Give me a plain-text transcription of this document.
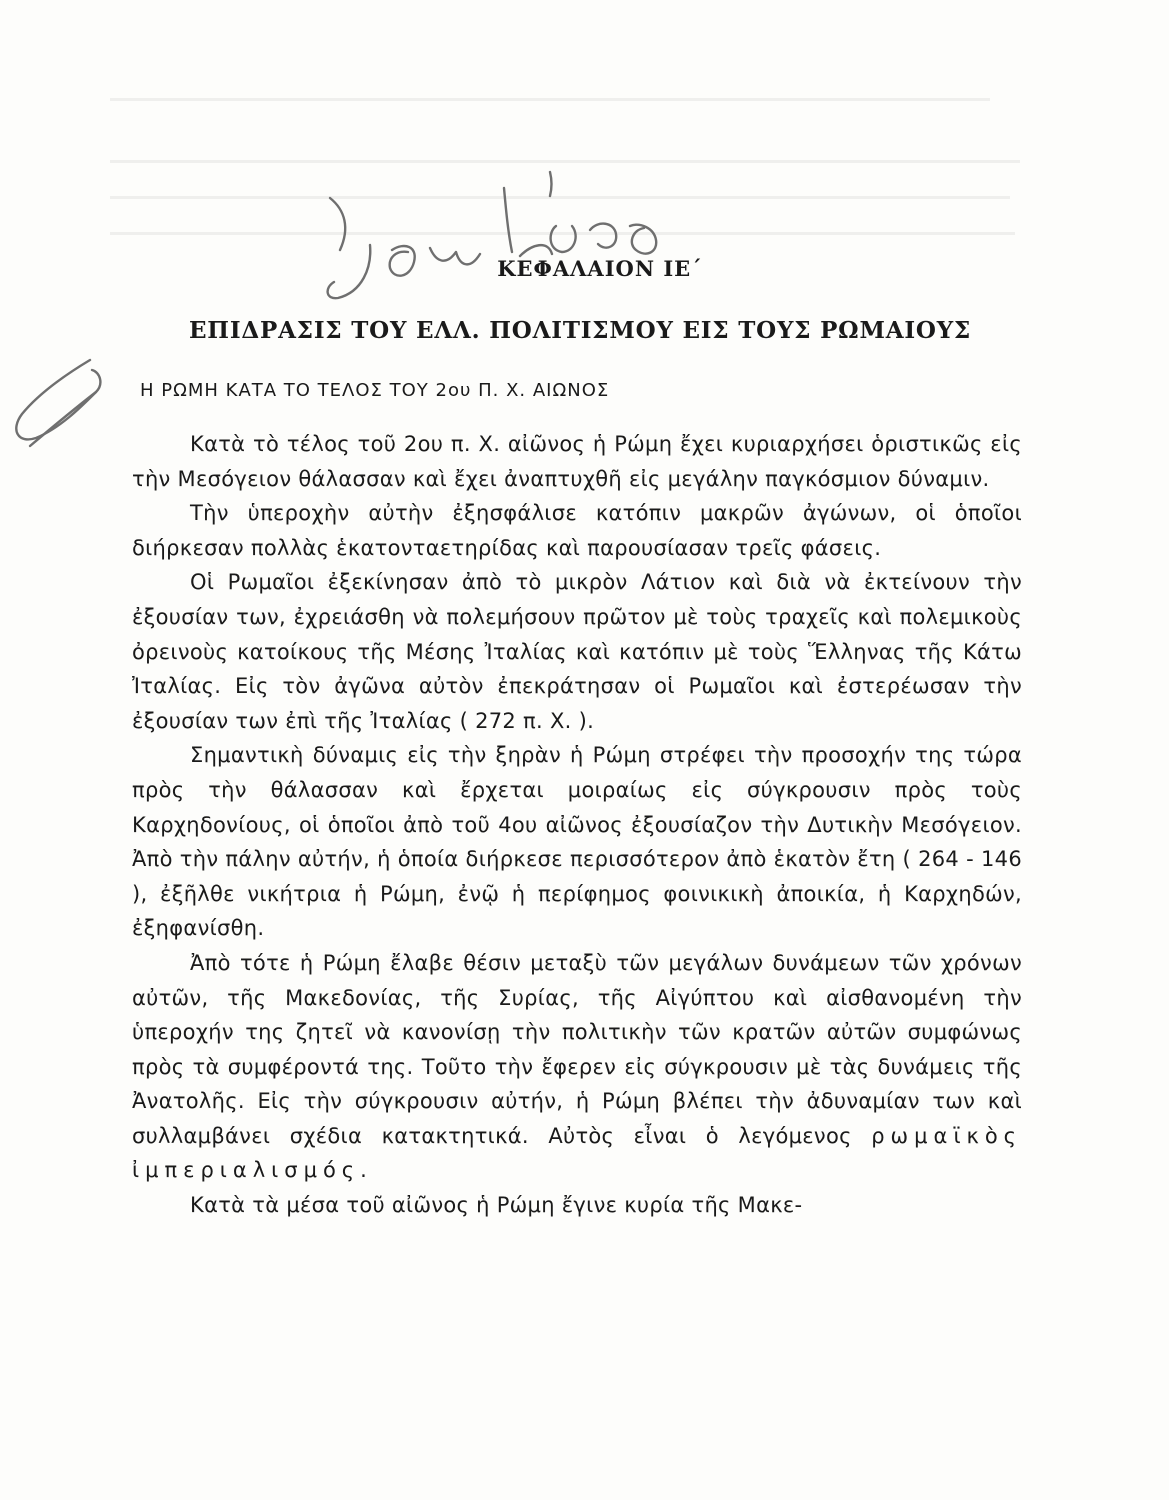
ΚΕΦΑΛΑΙΟΝ ΙΕ΄
ΕΠΙΔΡΑΣΙΣ ΤΟΥ ΕΛΛ. ΠΟΛΙΤΙΣΜΟΥ ΕΙΣ ΤΟΥΣ ΡΩΜΑΙΟΥΣ
Η ΡΩΜΗ ΚΑΤΑ ΤΟ ΤΕΛΟΣ ΤΟΥ 2ου Π. Χ. ΑΙΩΝΟΣ

Κατὰ τὸ τέλος τοῦ 2ου π. Χ. αἰῶνος ἡ Ρώμη ἔχει κυριαρχήσει ὁριστικῶς εἰς τὴν Μεσόγειον θάλασσαν καὶ ἔχει ἀναπτυχθῆ εἰς μεγάλην παγκόσμιον δύναμιν.

Τὴν ὑπεροχὴν αὐτὴν ἐξησφάλισε κατόπιν μακρῶν ἀγώνων, οἱ ὁποῖοι διήρκεσαν πολλὰς ἑκατονταετηρίδας καὶ παρουσίασαν τρεῖς φάσεις.

Οἱ Ρωμαῖοι ἐξεκίνησαν ἀπὸ τὸ μικρὸν Λάτιον καὶ διὰ νὰ ἐκτείνουν τὴν ἐξουσίαν των, ἐχρειάσθη νὰ πολεμήσουν πρῶτον μὲ τοὺς τραχεῖς καὶ πολεμικοὺς ὀρεινοὺς κατοίκους τῆς Μέσης Ἰταλίας καὶ κατόπιν μὲ τοὺς Ἕλληνας τῆς Κάτω Ἰταλίας. Εἰς τὸν ἀγῶνα αὐτὸν ἐπεκράτησαν οἱ Ρωμαῖοι καὶ ἐστερέωσαν τὴν ἐξουσίαν των ἐπὶ τῆς Ἰταλίας ( 272 π. Χ. ).

Σημαντικὴ δύναμις εἰς τὴν ξηρὰν ἡ Ρώμη στρέφει τὴν προσοχήν της τώρα πρὸς τὴν θάλασσαν καὶ ἔρχεται μοιραίως εἰς σύγκρουσιν πρὸς τοὺς Καρχηδονίους, οἱ ὁποῖοι ἀπὸ τοῦ 4ου αἰῶνος ἐξουσίαζον τὴν Δυτικὴν Μεσόγειον. Ἀπὸ τὴν πάλην αὐτήν, ἡ ὁποία διήρκεσε περισσότερον ἀπὸ ἑκατὸν ἔτη ( 264 - 146 ), ἐξῆλθε νικήτρια ἡ Ρώμη, ἐνῷ ἡ περίφημος φοινικικὴ ἀποικία, ἡ Καρχηδών, ἐξηφανίσθη.

Ἀπὸ τότε ἡ Ρώμη ἔλαβε θέσιν μεταξὺ τῶν μεγάλων δυνάμεων τῶν χρόνων αὐτῶν, τῆς Μακεδονίας, τῆς Συρίας, τῆς Αἰγύπτου καὶ αἰσθανομένη τὴν ὑπεροχήν της ζητεῖ νὰ κανονίσῃ τὴν πολιτικὴν τῶν κρατῶν αὐτῶν συμφώνως πρὸς τὰ συμφέροντά της. Τοῦτο τὴν ἔφερεν εἰς σύγκρουσιν μὲ τὰς δυνάμεις τῆς Ἀνατολῆς. Εἰς τὴν σύγκρουσιν αὐτήν, ἡ Ρώμη βλέπει τὴν ἀδυναμίαν των καὶ συλλαμβάνει σχέδια κατακτητικά. Αὐτὸς εἶναι ὁ λεγόμενος ρωμαϊκὸς ἰμπεριαλισμός.

Κατὰ τὰ μέσα τοῦ αἰῶνος ἡ Ρώμη ἔγινε κυρία τῆς Μακε-
